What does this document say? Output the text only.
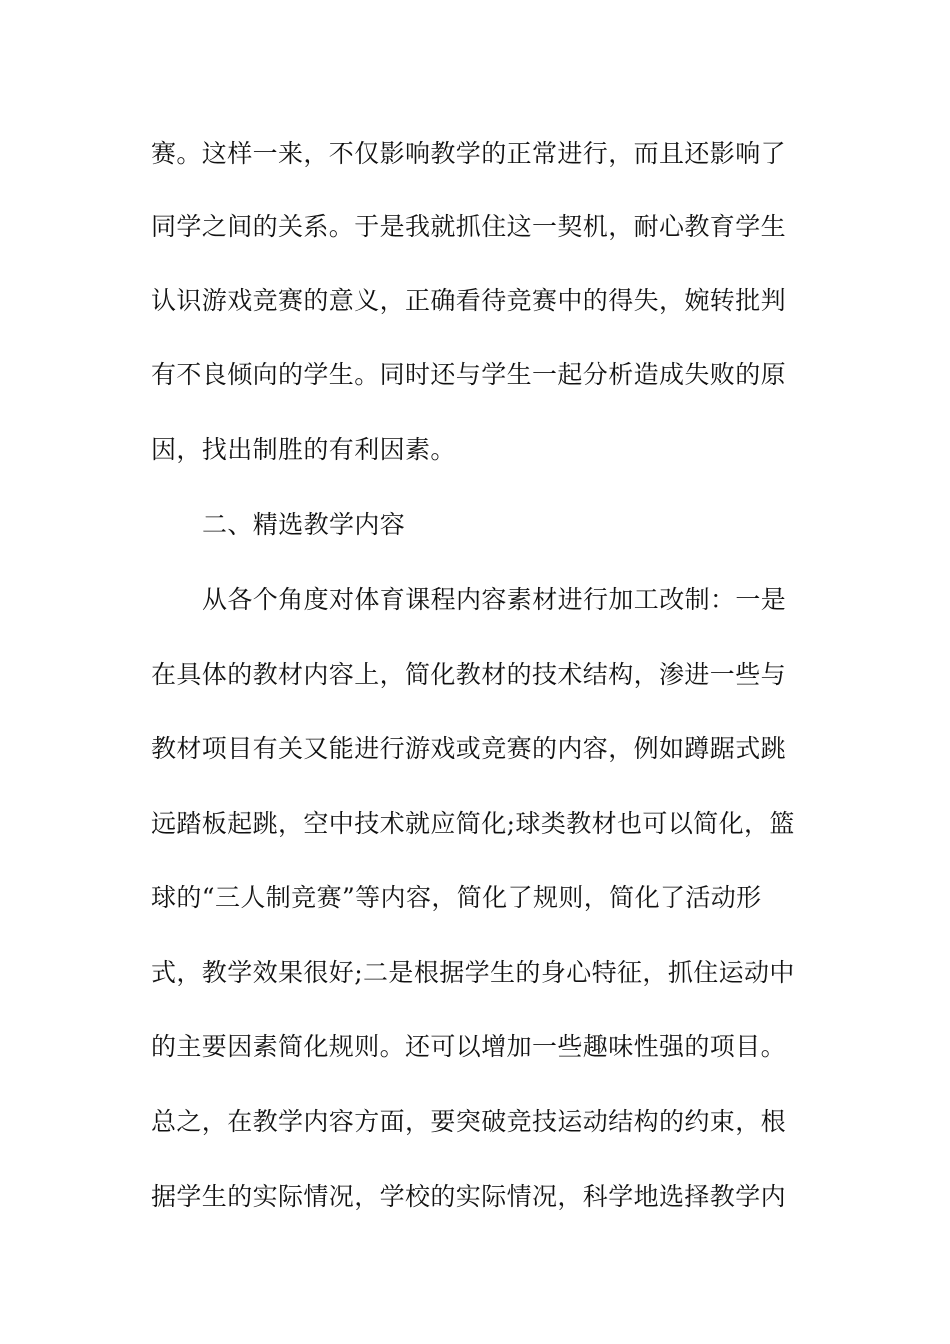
赛。这样一来，不仅影响教学的正常进行，而且还影响了
同学之间的关系。于是我就抓住这一契机，耐心教育学生
认识游戏竞赛的意义，正确看待竞赛中的得失，婉转批判
有不良倾向的学生。同时还与学生一起分析造成失败的原
因，找出制胜的有利因素。
二、精选教学内容
从各个角度对体育课程内容素材进行加工改制：一是
在具体的教材内容上，简化教材的技术结构，渗进一些与
教材项目有关又能进行游戏或竞赛的内容，例如蹲踞式跳
远踏板起跳，空中技术就应简化;球类教材也可以简化，篮
球的“三人制竞赛”等内容，简化了规则，简化了活动形
式，教学效果很好;二是根据学生的身心特征，抓住运动中
的主要因素简化规则。还可以增加一些趣味性强的项目。
总之，在教学内容方面，要突破竞技运动结构的约束，根
据学生的实际情况，学校的实际情况，科学地选择教学内
